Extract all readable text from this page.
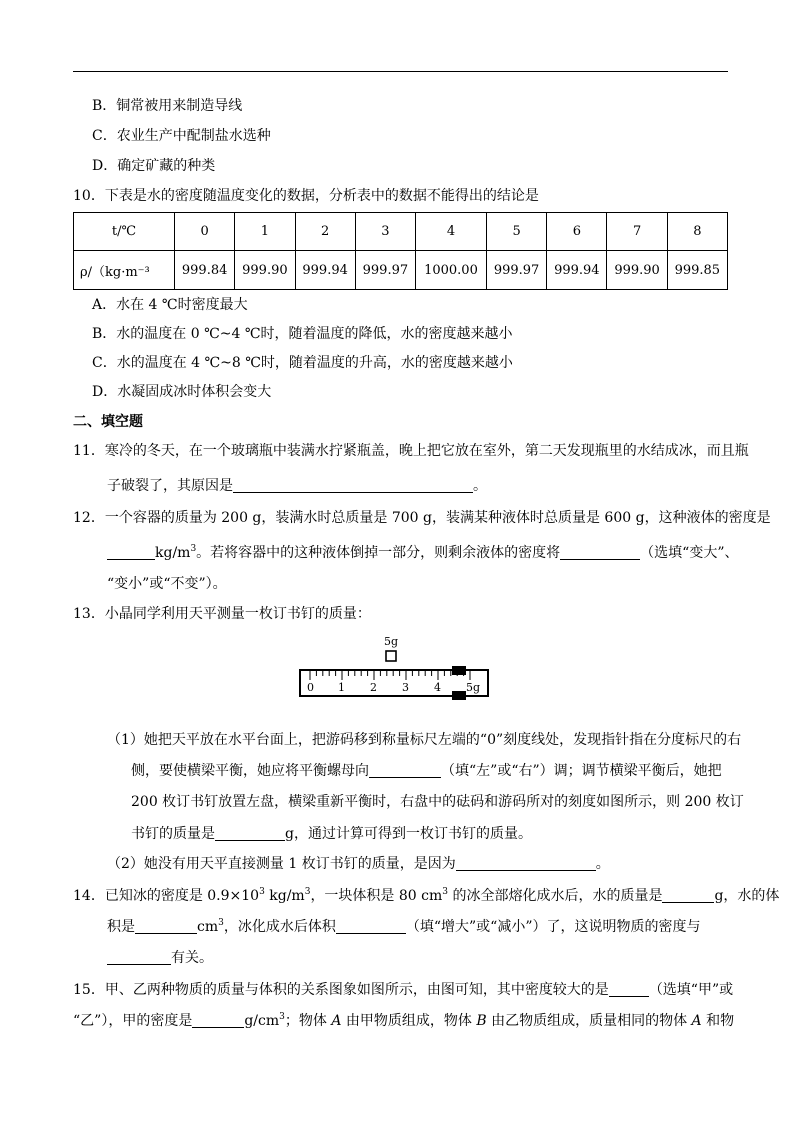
B．铜常被用来制造导线
C．农业生产中配制盐水选种
D．确定矿藏的种类
10．下表是水的密度随温度变化的数据，分析表中的数据不能得出的结论是
t/℃	0	1	2	3	4	5	6	7	8
ρ/（kg·m⁻³	999.84	999.90	999.94	999.97	1000.00	999.97	999.94	999.90	999.85
A．水在 4 ℃时密度最大
B．水的温度在 0 ℃~4 ℃时，随着温度的降低，水的密度越来越小
C．水的温度在 4 ℃~8 ℃时，随着温度的升高，水的密度越来越小
D．水凝固成冰时体积会变大
二、填空题
11．寒冷的冬天，在一个玻璃瓶中装满水拧紧瓶盖，晚上把它放在室外，第二天发现瓶里的水结成冰，而且瓶
子破裂了，其原因是	。
12．一个容器的质量为 200 g，装满水时总质量是 700 g，装满某种液体时总质量是 600 g，这种液体的密度是
$kg/m^3$。若将容器中的这种液体倒掉一部分，则剩余液体的密度将	（选填“变大”、
“变小”或“不变”）。
13．小晶同学利用天平测量一枚订书钉的质量：
5g
0 1 2 3 4 5g
（1）她把天平放在水平台面上，把游码移到称量标尺左端的“0”刻度线处，发现指针指在分度标尺的右
侧，要使横梁平衡，她应将平衡螺母向	（填“左”或“右”）调；调节横梁平衡后，她把
200 枚订书钉放置左盘，横梁重新平衡时，右盘中的砝码和游码所对的刻度如图所示，则 200 枚订
书钉的质量是	g，通过计算可得到一枚订书钉的质量。
（2）她没有用天平直接测量 1 枚订书钉的质量，是因为	。
14．已知冰的密度是 $0.9\times 10^3$ $kg/m^3$，一块体积是 80 $cm^3$ 的冰全部熔化成水后，水的质量是	g，水的体
积是	$cm^3$，冰化成水后体积	（填“增大”或“减小”）了，这说明物质的密度与
有关。
15．甲、乙两种物质的质量与体积的关系图象如图所示，由图可知，其中密度较大的是	（选填“甲”或
“乙”），甲的密度是	$g/cm^3$；物体 A 由甲物质组成，物体 B 由乙物质组成，质量相同的物体 A 和物
